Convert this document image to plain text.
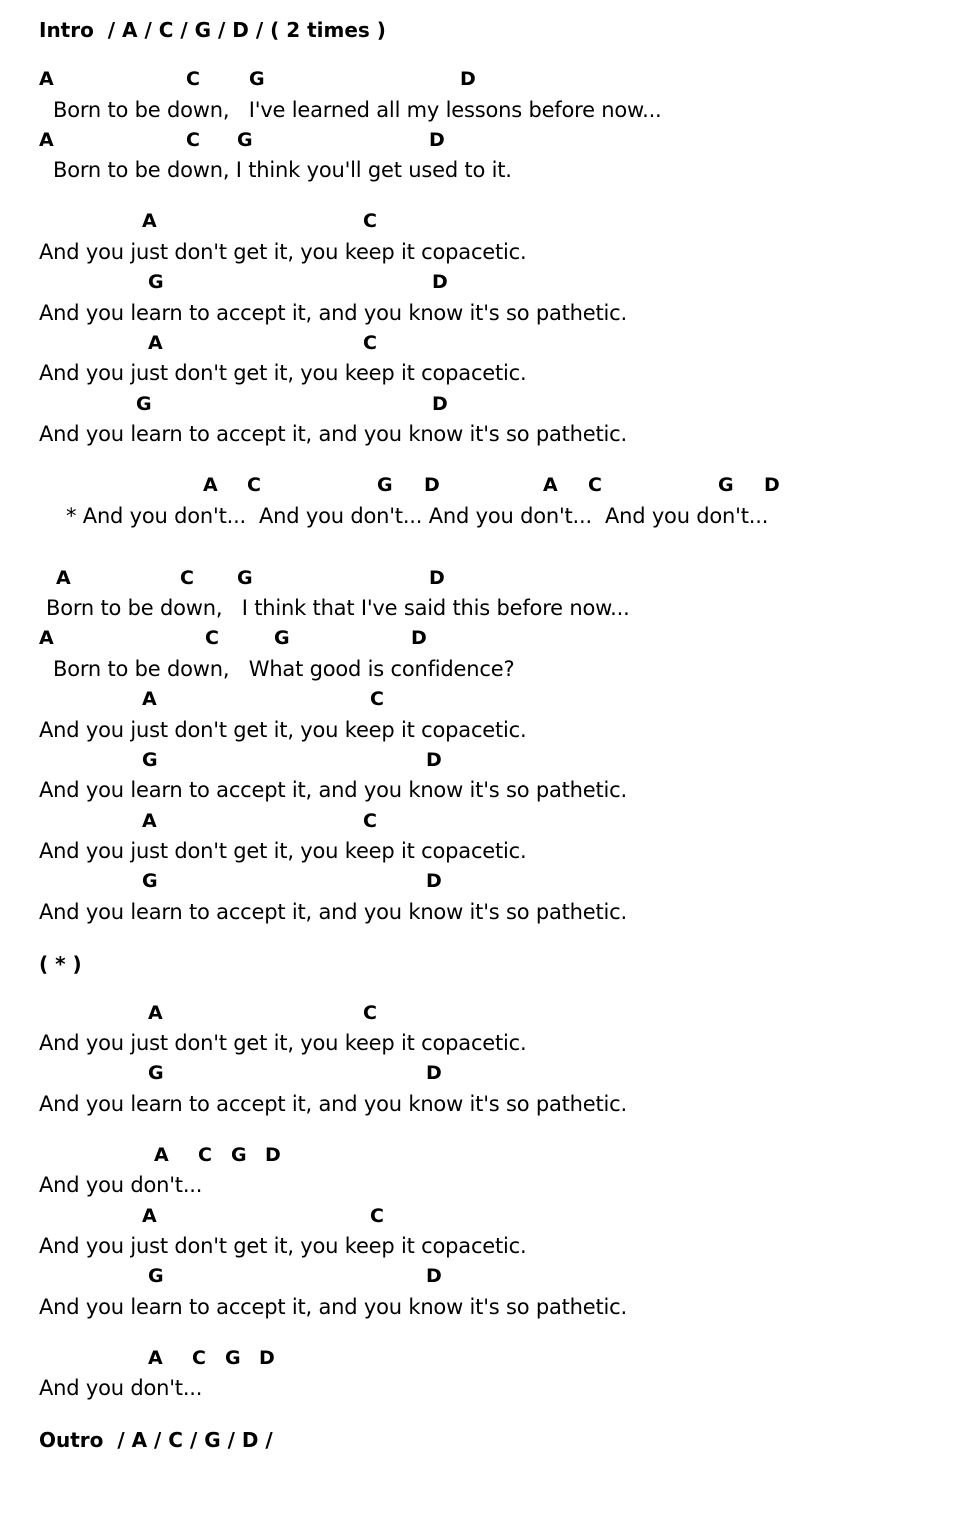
Intro  / A / C / G / D / ( 2 times )
A	C	G	D
Born to be down,   I've learned all my lessons before now...
A	C G	D
Born to be down, I think you'll get used to it.
A	C
And you just don't get it, you keep it copacetic.
G	D
And you learn to accept it, and you know it's so pathetic.
A	C
And you just don't get it, you keep it copacetic.
G	D
And you learn to accept it, and you know it's so pathetic.
A C	G D	A C	G D
* And you don't...  And you don't... And you don't...  And you don't...
A	C G	D
Born to be down,   I think that I've said this before now...
A	C	G	D
Born to be down,   What good is confidence?
A	C
And you just don't get it, you keep it copacetic.
G	D
And you learn to accept it, and you know it's so pathetic.
A	C
And you just don't get it, you keep it copacetic.
G	D
And you learn to accept it, and you know it's so pathetic.
( * )
A	C
And you just don't get it, you keep it copacetic.
G	D
And you learn to accept it, and you know it's so pathetic.
A C G D
And you don't...
A	C
And you just don't get it, you keep it copacetic.
G	D
And you learn to accept it, and you know it's so pathetic.
A C G D
And you don't...
Outro  / A / C / G / D /
